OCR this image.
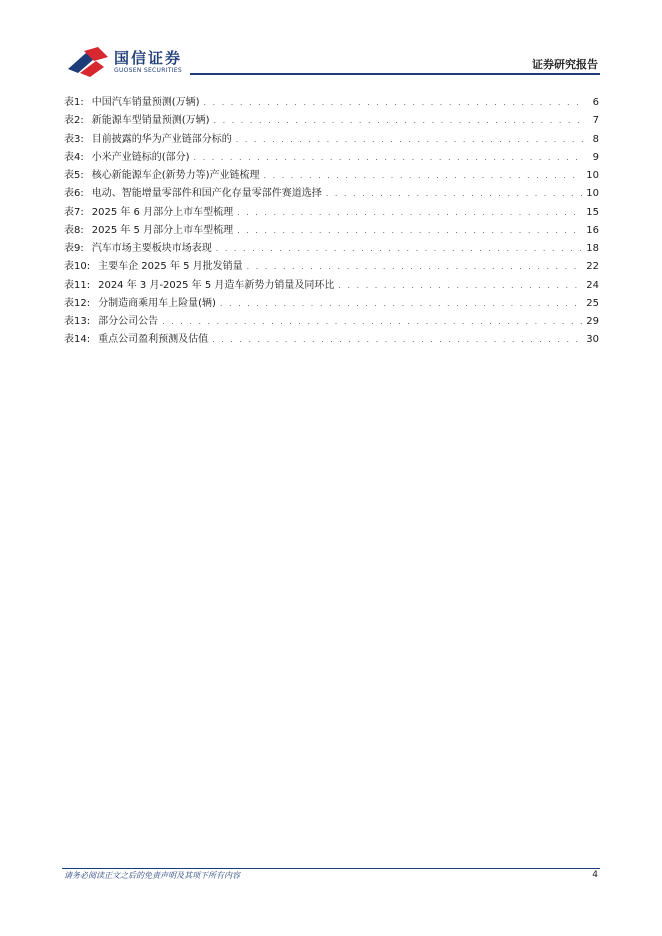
国信证券
GUOSEN SECURITIES	证券研究报告
表1: 中国汽车销量预测(万辆) . . .	6
表2: 新能源车型销量预测(万辆) . . .	7
表3: 目前披露的华为产业链部分标的 . . .	8
表4: 小米产业链标的(部分) . . .	9
表5: 核心新能源车企(新势力等)产业链梳理 . . .	10
表6: 电动、智能增量零部件和国产化存量零部件赛道选择 . . .	10
表7: 2025 年 6 月部分上市车型梳理 . . .	15
表8: 2025 年 5 月部分上市车型梳理 . . .	16
表9: 汽车市场主要板块市场表现 . . .	18
表10: 主要车企 2025 年 5 月批发销量 . . .	22
表11: 2024 年 3 月-2025 年 5 月造车新势力销量及同环比 . . .	24
表12: 分制造商乘用车上险量(辆) . . .	25
表13: 部分公司公告 . . .	29
表14: 重点公司盈利预测及估值 . . .	30
请务必阅读正文之后的免责声明及其项下所有内容	4
